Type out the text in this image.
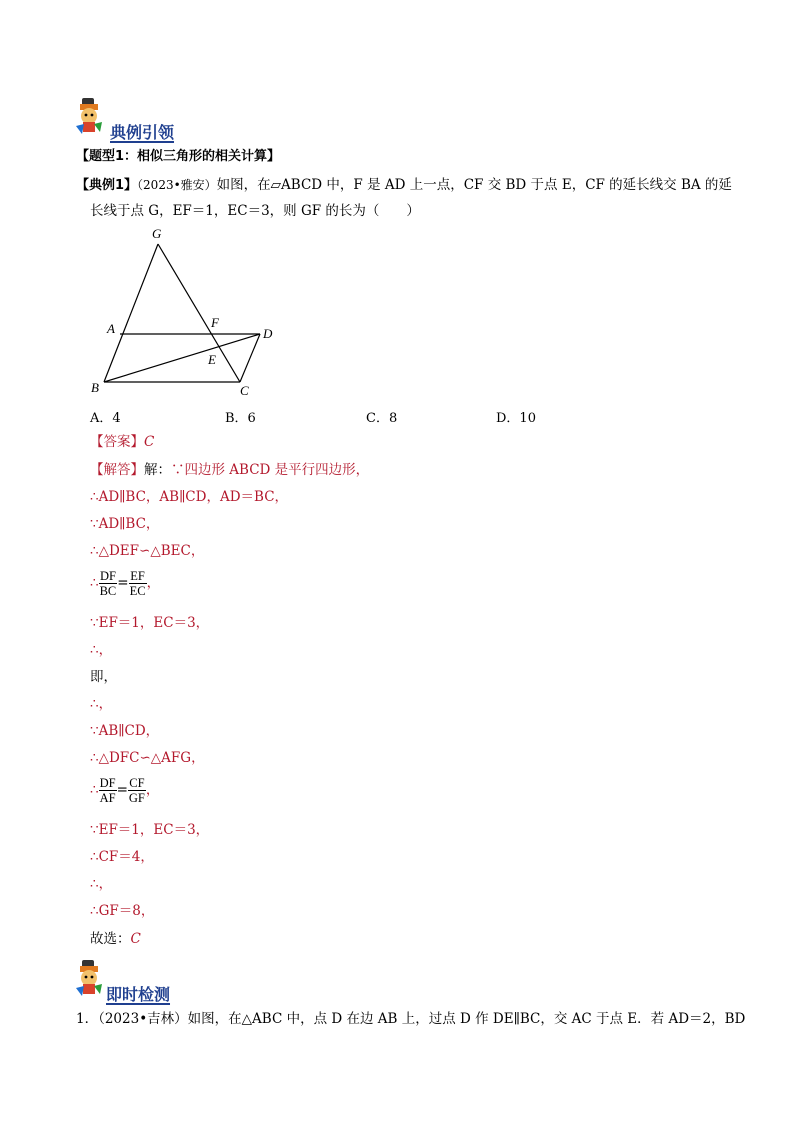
典例引领
【题型1：相似三角形的相关计算】
【典例1】（2023•雅安）如图，在▱ABCD 中，F 是 AD 上一点，CF 交 BD 于点 E，CF 的延长线交 BA 的延
长线于点 G，EF＝1，EC＝3，则 GF 的长为（　　）
G
A	F
D
E
B	C
A．4	B．6	C．8	D．10
【答案】C
【解答】解：∵四边形 ABCD 是平行四边形，
∴AD∥BC，AB∥CD，AD＝BC，
∵AD∥BC，
∴△DEF∽△BEC，
∴ $\frac{DF}{BC} = \frac{EF}{EC}$ ，
∵EF＝1，EC＝3，
∴，
即，
∴，
∵AB∥CD，
∴△DFC∽△AFG，
∴ $\frac{DF}{AF} = \frac{CF}{GF}$ ，
∵EF＝1，EC＝3，
∴CF＝4，
∴，
∴GF＝8，
故选：C
即时检测
1．（2023•吉林）如图，在△ABC 中，点 D 在边 AB 上，过点 D 作 DE∥BC，交 AC 于点 E．若 AD＝2，BD
